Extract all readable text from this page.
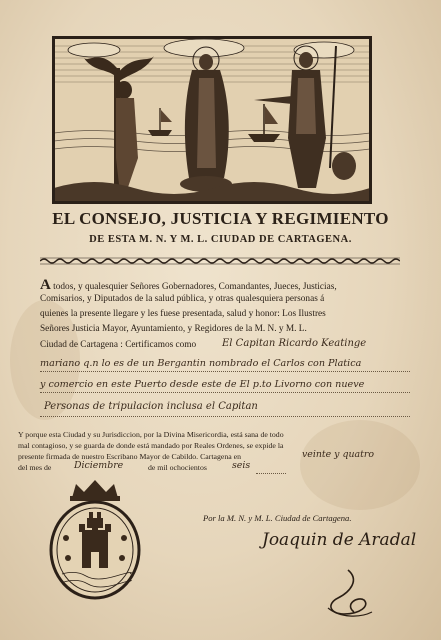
EL CONSEJO, JUSTICIA Y REGIMIENTO
DE ESTA M. N. Y M. L. CIUDAD DE CARTAGENA.
A todos, y qualesquier Señores Gobernadores, Comandantes, Jueces, Justicias,
Comisarios, y Diputados de la salud pública, y otras qualesquiera personas á
quienes la presente llegare y les fuese presentada, salud y honor: Los Ilustres
Señores Justicia Mayor, Ayuntamiento, y Regidores de la M. N. y M. L.
Ciudad de Cartagena : Certificamos como	El Capitan Ricardo Keatinge
mariano q.n lo es de un Bergantin nombrado el Carlos con Platica
y comercio en este Puerto desde este de El p.to Livorno con nueve
Personas de tripulacion inclusa el Capitan
Y porque esta Ciudad y su Jurisdiccion, por la Divina Misericordia, está sana de todo
mal contagioso, y se guarda de donde está mandado por Reales Ordenes, se expide la
presente firmada de nuestro Escribano Mayor de Cabildo. Cartagena en	veinte y quatro
del mes de Diciembre	de mil ochocientos	seis
Por la M. N. y M. L. Ciudad de Cartagena.
Joaquin de Aradal
